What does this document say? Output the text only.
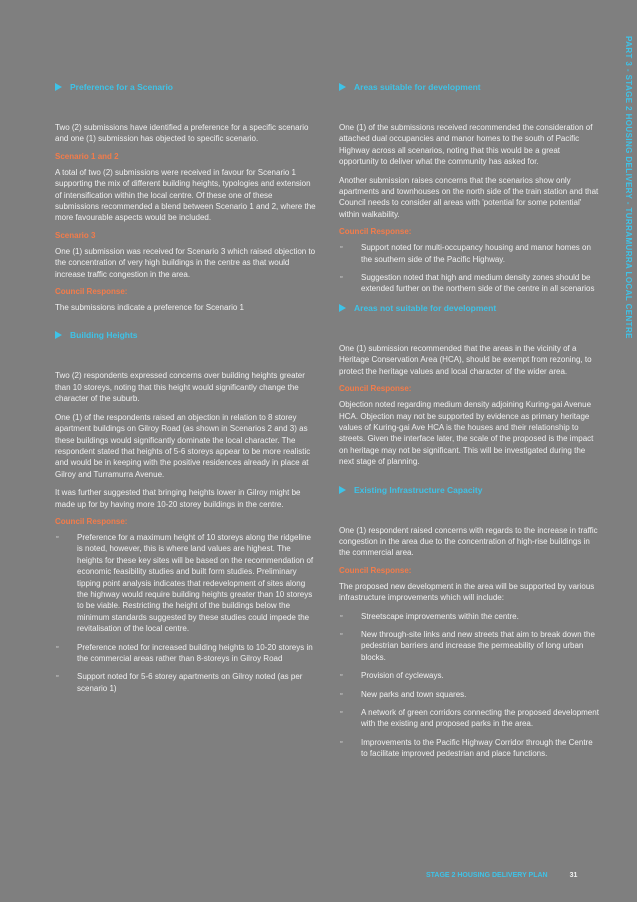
PART 3 - STAGE 2 HOUSING DELIVERY - TURRAMURRA LOCAL CENTRE
Preference for a Scenario

Two (2) submissions have identified a preference for a specific scenario and one (1) submission has objected to specific scenario.

Scenario 1 and 2

A total of two (2) submissions were received in favour for Scenario 1 supporting the mix of different building heights, typologies and extension of intensification within the local centre. Of these one of these submissions recommended a blend between Scenario 1 and 2, where the more favourable aspects would be included.

Scenario 3

One (1) submission was received for Scenario 3 which raised objection to the concentration of very high buildings in the centre as that would increase traffic congestion in the area.

Council Response:

The submissions indicate a preference for Scenario 1

Building Heights

Two (2) respondents expressed concerns over building heights greater than 10 storeys, noting that this height would significantly change the character of the suburb.

One (1) of the respondents raised an objection in relation to 8 storey apartment buildings on Gilroy Road (as shown in Scenarios 2 and 3) as these buildings would significantly dominate the local character. The respondent stated that heights of 5-6 storeys appear to be more realistic and would be in keeping with the positive residences already in place at Gilroy and Turramurra Avenue.

It was further suggested that bringing heights lower in Gilroy might be made up for by having more 10-20 storey buildings in the centre.

Council Response:
▫ Preference for a maximum height of 10 storeys along the ridgeline is noted, however, this is where land values are highest. The heights for these key sites will be based on the recommendation of economic feasibility studies and built form studies. Preliminary tipping point analysis indicates that redevelopment of sites along the highway would require building heights greater than 10 storeys to be viable. Restricting the height of the buildings below the minimum standards suggested by these studies could impede the revitalisation of the local centre.
▫ Preference noted for increased building heights to 10-20 storeys in the commercial areas rather than 8-storeys in Gilroy Road
▫ Support noted for 5-6 storey apartments on Gilroy noted (as per scenario 1)
Areas suitable for development

One (1) of the submissions received recommended the consideration of attached dual occupancies and manor homes to the south of Pacific Highway across all scenarios, noting that this would be a great opportunity to deliver what the community has asked for.

Another submission raises concerns that the scenarios show only apartments and townhouses on the north side of the train station and that Council needs to consider all areas with 'potential for some potential' within walkability.

Council Response:
▫ Support noted for multi-occupancy housing and manor homes on the southern side of the Pacific Highway.
▫ Suggestion noted that high and medium density zones should be extended further on the northern side of the centre in all scenarios
Areas not suitable for development

One (1) submission recommended that the areas in the vicinity of a Heritage Conservation Area (HCA), should be exempt from rezoning, to protect the heritage values and local character of the wider area.

Council Response:

Objection noted regarding medium density adjoining Kuring-gai Avenue HCA. Objection may not be supported by evidence as primary heritage values of Kuring-gai Ave HCA is the houses and their relationship to streets. Given the interface later, the scale of the proposed is the impact on heritage may not be significant. This will be investigated during the next stage of planning.

Existing Infrastructure Capacity

One (1) respondent raised concerns with regards to the increase in traffic congestion in the area due to the concentration of high-rise buildings in the commercial area.

Council Response:

The proposed new development in the area will be supported by various infrastructure improvements which will include:

▫ Streetscape improvements within the centre.
▫ New through-site links and new streets that aim to break down the pedestrian barriers and increase the permeability of long urban blocks.
▫ Provision of cycleways.
▫ New parks and town squares.
▫ A network of green corridors connecting the proposed development with the existing and proposed parks in the area.
▫ Improvements to the Pacific Highway Corridor through the Centre to facilitate improved pedestrian and place functions.
STAGE 2 HOUSING DELIVERY PLAN	31
